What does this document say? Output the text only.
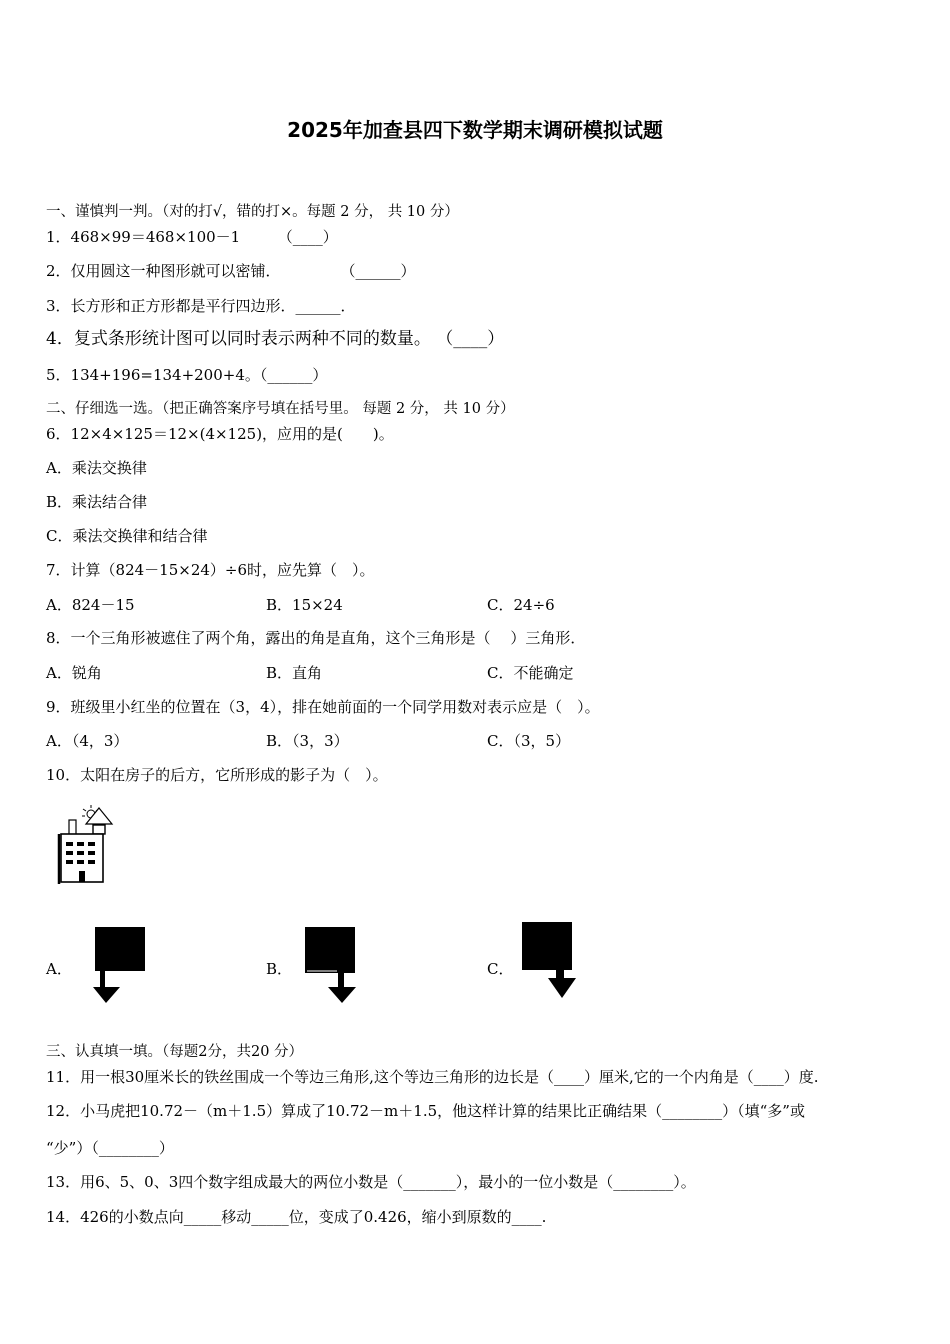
2025年加查县四下数学期末调研模拟试题
一、谨慎判一判。（对的打√，错的打×。每题 2 分， 共 10 分）
1．468×99＝468×100－1　　　（____）
2．仅用圆这一种图形就可以密铺．　　　　　（______）
3．长方形和正方形都是平行四边形．______．
4．复式条形统计图可以同时表示两种不同的数量。 （____）
5．134+196=134+200+4。（______）
二、仔细选一选。（把正确答案序号填在括号里。 每题 2 分， 共 10 分）
6．12×4×125＝12×(4×125)，应用的是(　　)。
A．乘法交换律
B．乘法结合律
C．乘法交换律和结合律
7．计算（824－15×24）÷6时，应先算（　）。
A．824－15	B．15×24	C．24÷6
8．一个三角形被遮住了两个角，露出的角是直角，这个三角形是（　 ）三角形．
A．锐角	B．直角	C．不能确定
9．班级里小红坐的位置在（3，4），排在她前面的一个同学用数对表示应是（　）。
A．（4，3）	B．（3，3）	C．（3，5）
10．太阳在房子的后方，它所形成的影子为（　）。
A．	B．	C．
三、认真填一填。（每题2分，共20 分）
11．用一根30厘米长的铁丝围成一个等边三角形,这个等边三角形的边长是（____）厘米,它的一个内角是（____）度.
12．小马虎把10.72－（m＋1.5）算成了10.72－m＋1.5，他这样计算的结果比正确结果（________）（填“多”或
“少”）（________）
13．用6、5、0、3四个数字组成最大的两位小数是（_______），最小的一位小数是（________）。
14．426的小数点向_____移动_____位，变成了0.426，缩小到原数的____.
